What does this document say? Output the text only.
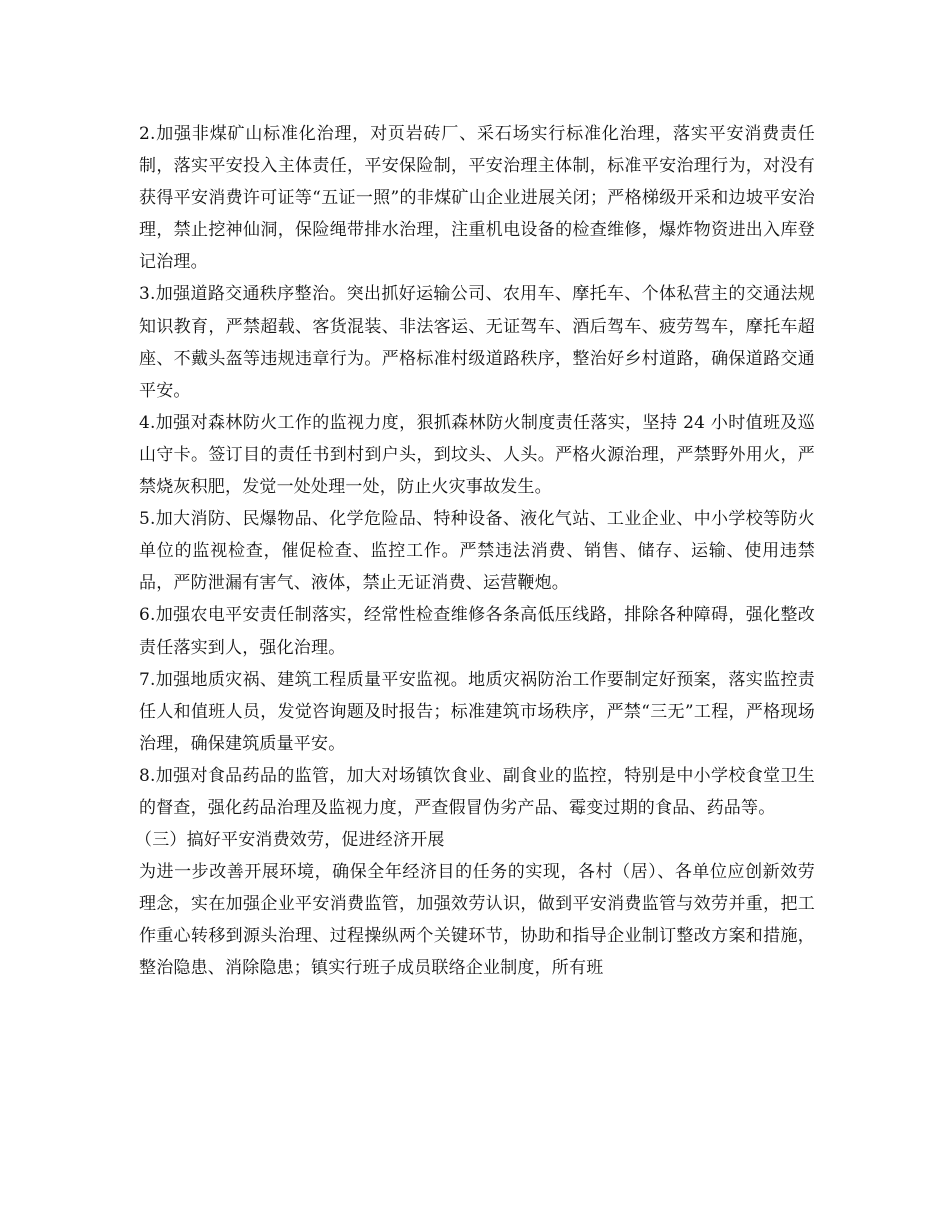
2.加强非煤矿山标准化治理，对页岩砖厂、采石场实行标准化治理，落实平安消费责任制，落实平安投入主体责任，平安保险制，平安治理主体制，标准平安治理行为，对没有获得平安消费许可证等“五证一照”的非煤矿山企业进展关闭；严格梯级开采和边坡平安治理，禁止挖神仙洞，保险绳带排水治理，注重机电设备的检查维修，爆炸物资进出入库登记治理。

3.加强道路交通秩序整治。突出抓好运输公司、农用车、摩托车、个体私营主的交通法规知识教育，严禁超载、客货混装、非法客运、无证驾车、酒后驾车、疲劳驾车，摩托车超座、不戴头盔等违规违章行为。严格标准村级道路秩序，整治好乡村道路，确保道路交通平安。

4.加强对森林防火工作的监视力度，狠抓森林防火制度责任落实，坚持 24 小时值班及巡山守卡。签订目的责任书到村到户头，到坟头、人头。严格火源治理，严禁野外用火，严禁烧灰积肥，发觉一处处理一处，防止火灾事故发生。

5.加大消防、民爆物品、化学危险品、特种设备、液化气站、工业企业、中小学校等防火单位的监视检查，催促检查、监控工作。严禁违法消费、销售、储存、运输、使用违禁品，严防泄漏有害气、液体，禁止无证消费、运营鞭炮。

6.加强农电平安责任制落实，经常性检查维修各条高低压线路，排除各种障碍，强化整改责任落实到人，强化治理。

7.加强地质灾祸、建筑工程质量平安监视。地质灾祸防治工作要制定好预案，落实监控责任人和值班人员，发觉咨询题及时报告；标准建筑市场秩序，严禁“三无”工程，严格现场治理，确保建筑质量平安。

8.加强对食品药品的监管，加大对场镇饮食业、副食业的监控，特别是中小学校食堂卫生的督查，强化药品治理及监视力度，严查假冒伪劣产品、霉变过期的食品、药品等。

（三）搞好平安消费效劳，促进经济开展

为进一步改善开展环境，确保全年经济目的任务的实现，各村（居）、各单位应创新效劳理念，实在加强企业平安消费监管，加强效劳认识，做到平安消费监管与效劳并重，把工作重心转移到源头治理、过程操纵两个关键环节，协助和指导企业制订整改方案和措施，整治隐患、消除隐患；镇实行班子成员联络企业制度，所有班
